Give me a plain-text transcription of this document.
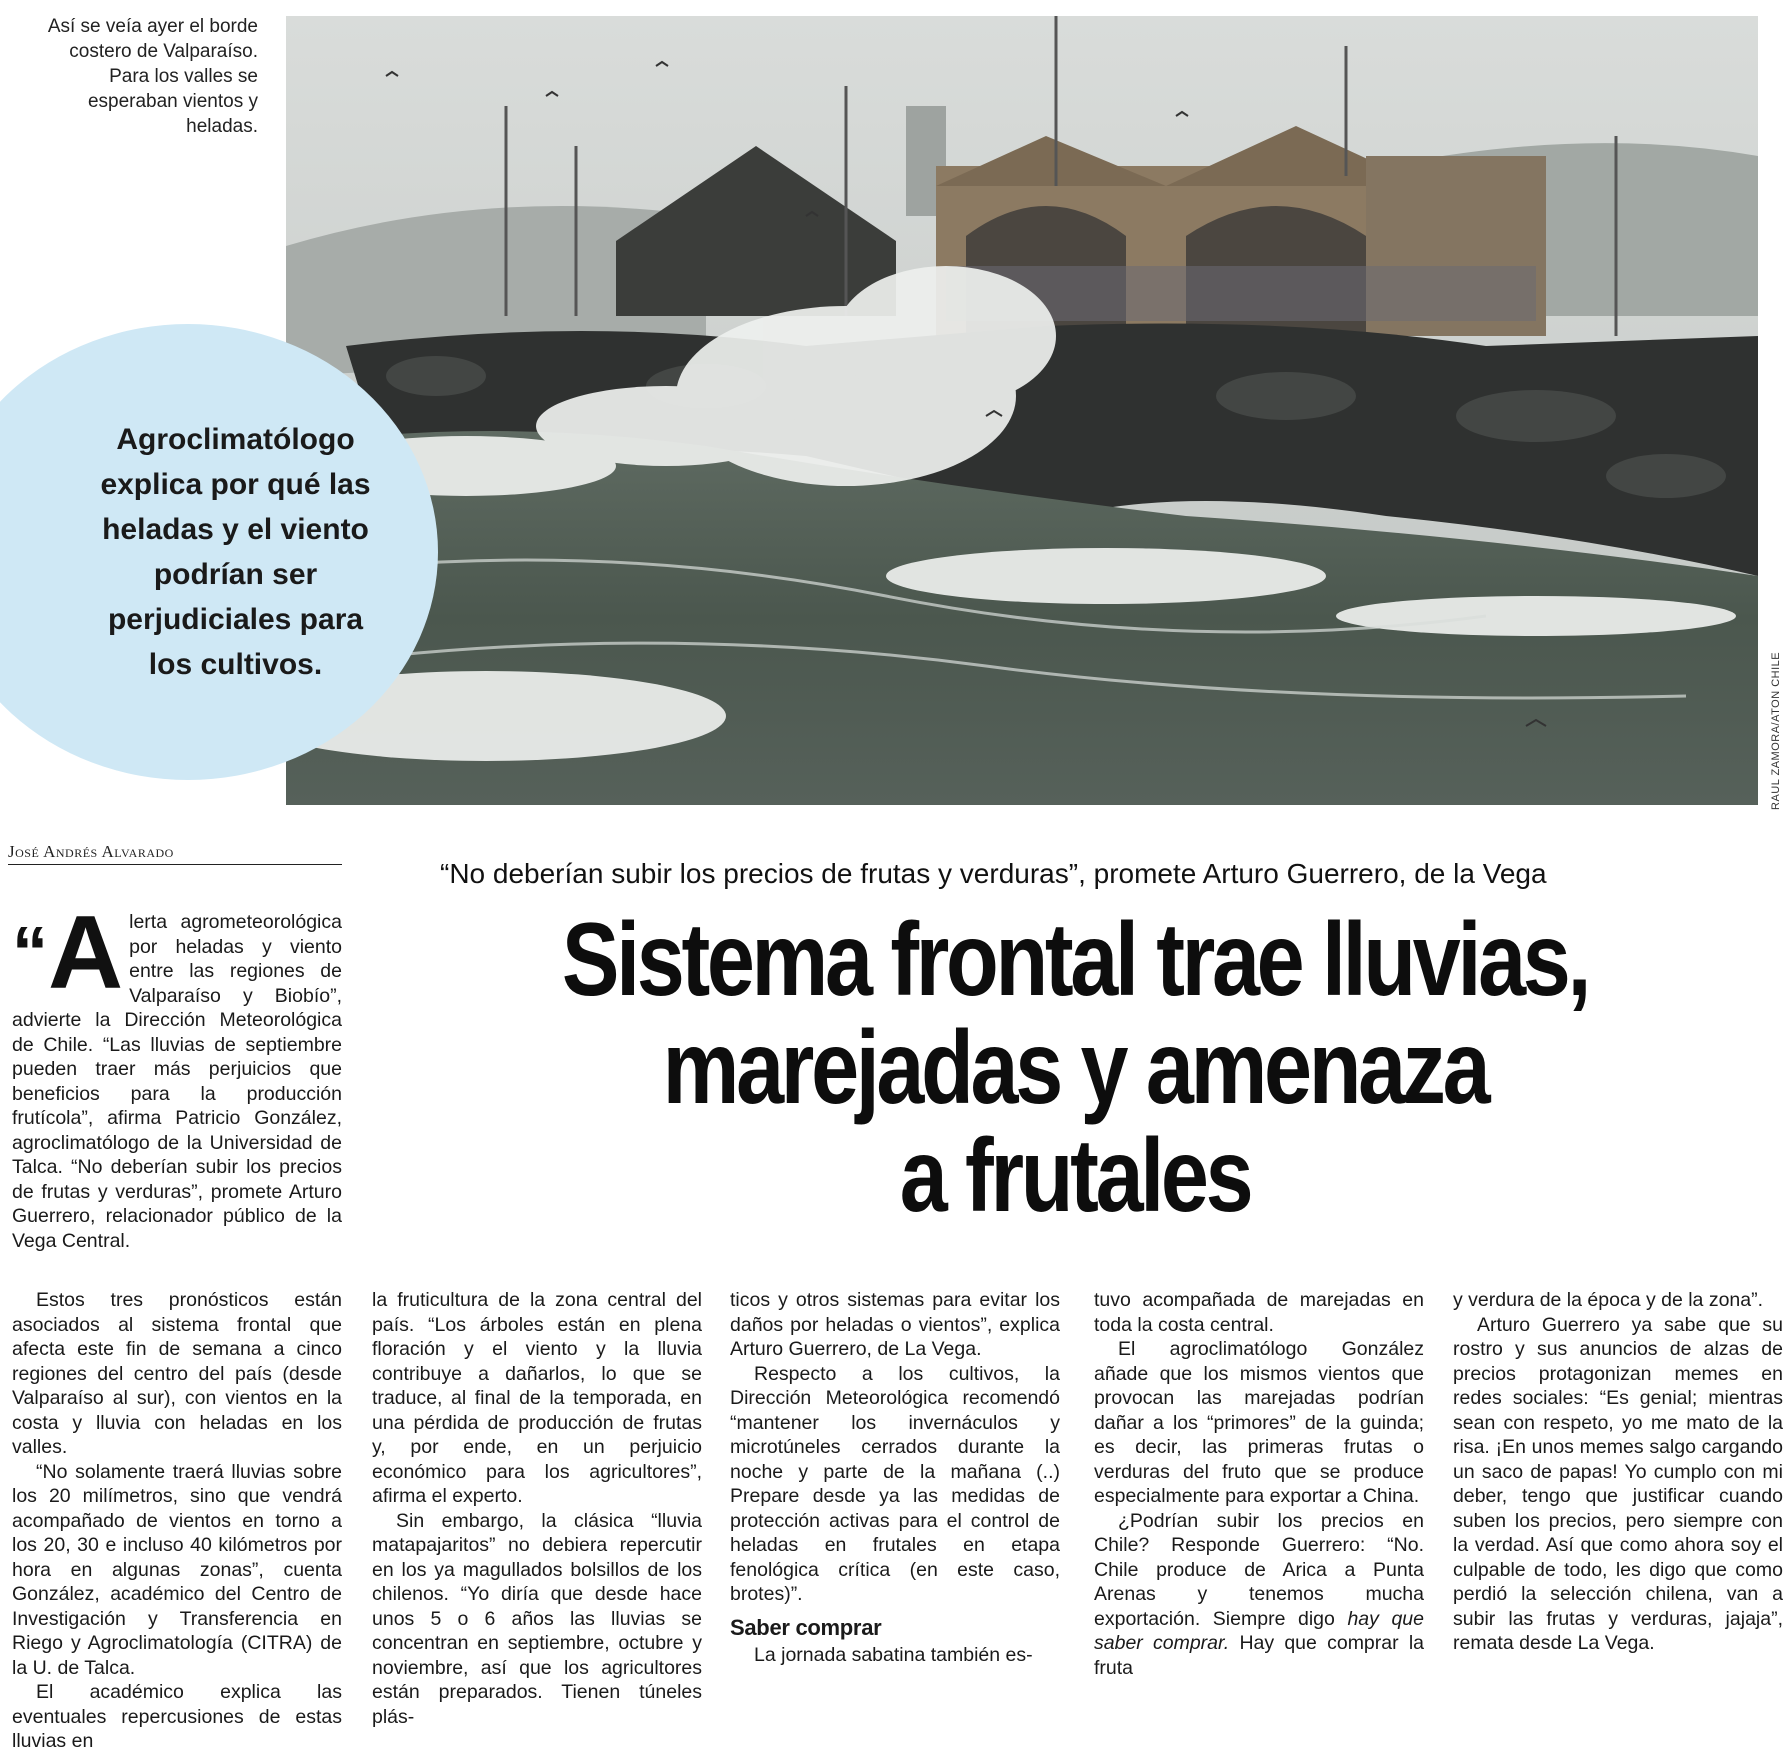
Así se veía ayer el borde costero de Valparaíso. Para los valles se esperaban vientos y heladas.
RAUL ZAMORA/ATON CHILE

Agroclimatólogo explica por qué las heladas y el viento podrían ser perjudiciales para los cultivos.

José Andrés Alvarado
“No deberían subir los precios de frutas y verduras”, promete Arturo Guerrero, de la Vega
Sistema frontal trae lluvias,
marejadas y amenaza
a frutales

“A lerta agrometeorológica por heladas y viento entre las regiones de Valparaíso y Biobío”, advierte la Dirección Meteorológica de Chile. “Las lluvias de septiembre pueden traer más perjuicios que beneficios para la producción frutícola”, afirma Patricio González, agroclimatólogo de la Universidad de Talca. “No deberían subir los precios de frutas y verduras”, promete Arturo Guerrero, relacionador público de la Vega Central.

Estos tres pronósticos están asociados al sistema frontal que afecta este fin de semana a cinco regiones del centro del país (desde Valparaíso al sur), con vientos en la costa y lluvia con heladas en los valles.

“No solamente traerá lluvias sobre los 20 milímetros, sino que vendrá acompañado de vientos en torno a los 20, 30 e incluso 40 kilómetros por hora en algunas zonas”, cuenta González, académico del Centro de Investigación y Transferencia en Riego y Agroclimatología (CITRA) de la U. de Talca.

El académico explica las eventuales repercusiones de estas lluvias en

la fruticultura de la zona central del país. “Los árboles están en plena floración y el viento y la lluvia contribuye a dañarlos, lo que se traduce, al final de la temporada, en una pérdida de producción de frutas y, por ende, en un perjuicio económico para los agricultores”, afirma el experto.

Sin embargo, la clásica “lluvia matapajaritos” no debiera repercutir en los ya magullados bolsillos de los chilenos. “Yo diría que desde hace unos 5 o 6 años las lluvias se concentran en septiembre, octubre y noviembre, así que los agricultores están preparados. Tienen túneles plás-

ticos y otros sistemas para evitar los daños por heladas o vientos”, explica Arturo Guerrero, de La Vega.

Respecto a los cultivos, la Dirección Meteorológica recomendó “mantener los invernáculos y microtúneles cerrados durante la noche y parte de la mañana (..) Prepare desde ya las medidas de protección activas para el control de heladas en frutales en etapa fenológica crítica (en este caso, brotes)”.

Saber comprar

La jornada sabatina también es-

tuvo acompañada de marejadas en toda la costa central.

El agroclimatólogo González añade que los mismos vientos que provocan las marejadas podrían dañar a los “primores” de la guinda; es decir, las primeras frutas o verduras del fruto que se produce especialmente para exportar a China.

¿Podrían subir los precios en Chile? Responde Guerrero: “No. Chile produce de Arica a Punta Arenas y tenemos mucha exportación. Siempre digo hay que saber comprar. Hay que comprar la fruta

y verdura de la época y de la zona”.

Arturo Guerrero ya sabe que su rostro y sus anuncios de alzas de precios protagonizan memes en redes sociales: “Es genial; mientras sean con respeto, yo me mato de la risa. ¡En unos memes salgo cargando un saco de papas! Yo cumplo con mi deber, tengo que justificar cuando suben los precios, pero siempre con la verdad. Así que como ahora soy el culpable de todo, les digo que como perdió la selección chilena, van a subir las frutas y verduras, jajaja”, remata desde La Vega.
